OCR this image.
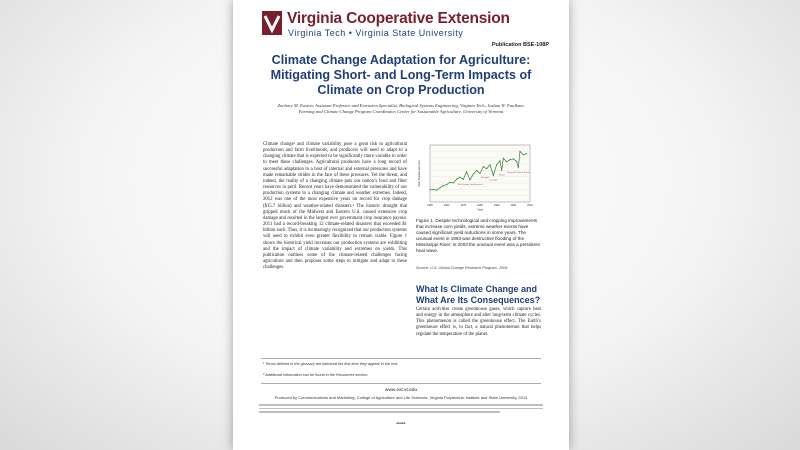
Virginia Cooperative Extension
Virginia Tech • Virginia State University
Publication BSE-108P
Climate Change Adaptation for Agriculture: Mitigating Short- and Long-Term Impacts of Climate on Crop Production
Zachary M. Easton, Assistant Professor and Extension Specialist, Biological Systems Engineering, Virginia Tech; Joshua W. Faulkner, Farming and Climate Change Program Coordinator, Center for Sustainable Agriculture, University of Vermont
Climate change¹ and climate variability pose a great risk to agricultural production and farm livelihoods, and producers will need to adapt to a changing climate that is expected to be significantly more variable in order to meet these challenges. Agricultural producers have a long record of successful adaptation to a host of internal and external pressures and have made remarkable strides in the face of these pressures. Yet the threat, and indeed, the reality of a changing climate puts our nation’s food and fiber resources in peril. Recent years have demonstrated the vulnerability of our production systems to a changing climate and weather extremes. Indeed, 2012 was one of the most expensive years on record for crop damage ($15.7 billion) and weather-related disasters.² The historic drought that gripped much of the Midwest and Eastern U.S. caused extensive crop damage and resulted in the largest ever government crop insurance payout. 2011 had a record-breaking 12 climate-related disasters that exceeded $1 billion each. Thus, it is increasingly recognized that our production systems will need to exhibit even greater flexibility to remain viable. Figure 1 shows the historical yield increases our production systems are exhibiting and the impact of climate variability and extremes on yields. This publication outlines some of the climate-related challenges facing agriculture and then proposes some steps to mitigate and adapt to these challenges.
1950	1960	1970	1980	1990	2000	2010
Year
Yield, Bushels per Acre	Flood
Drought
Unusual Climatic Event
Wet Spring, Late Harvest
Drought
Figure 1. Despite technological and cropping improvements that increase corn yields, extreme weather events have caused significant yield reductions in some years. The unusual event in 1993 was destructive flooding of the Mississippi River; in 2003 the unusual event was a persistent heat wave.
Source: U.S. Global Change Research Program, 2009.
What Is Climate Change and What Are Its Consequences?
Certain activities create greenhouse gases, which capture heat and energy in the atmosphere and alter long-term climate cycles. This phenomenon is called the greenhouse effect. The Earth’s greenhouse effect is, in fact, a natural phenomenon that helps regulate the temperature of the planet.
¹ Terms defined in the glossary are italicized the first time they appear in the text.
² Additional information can be found in the Resources section.
www.ext.vt.edu
Produced by Communications and Marketing, College of Agriculture and Life Sciences, Virginia Polytechnic Institute and State University, 2014
■■■■■
